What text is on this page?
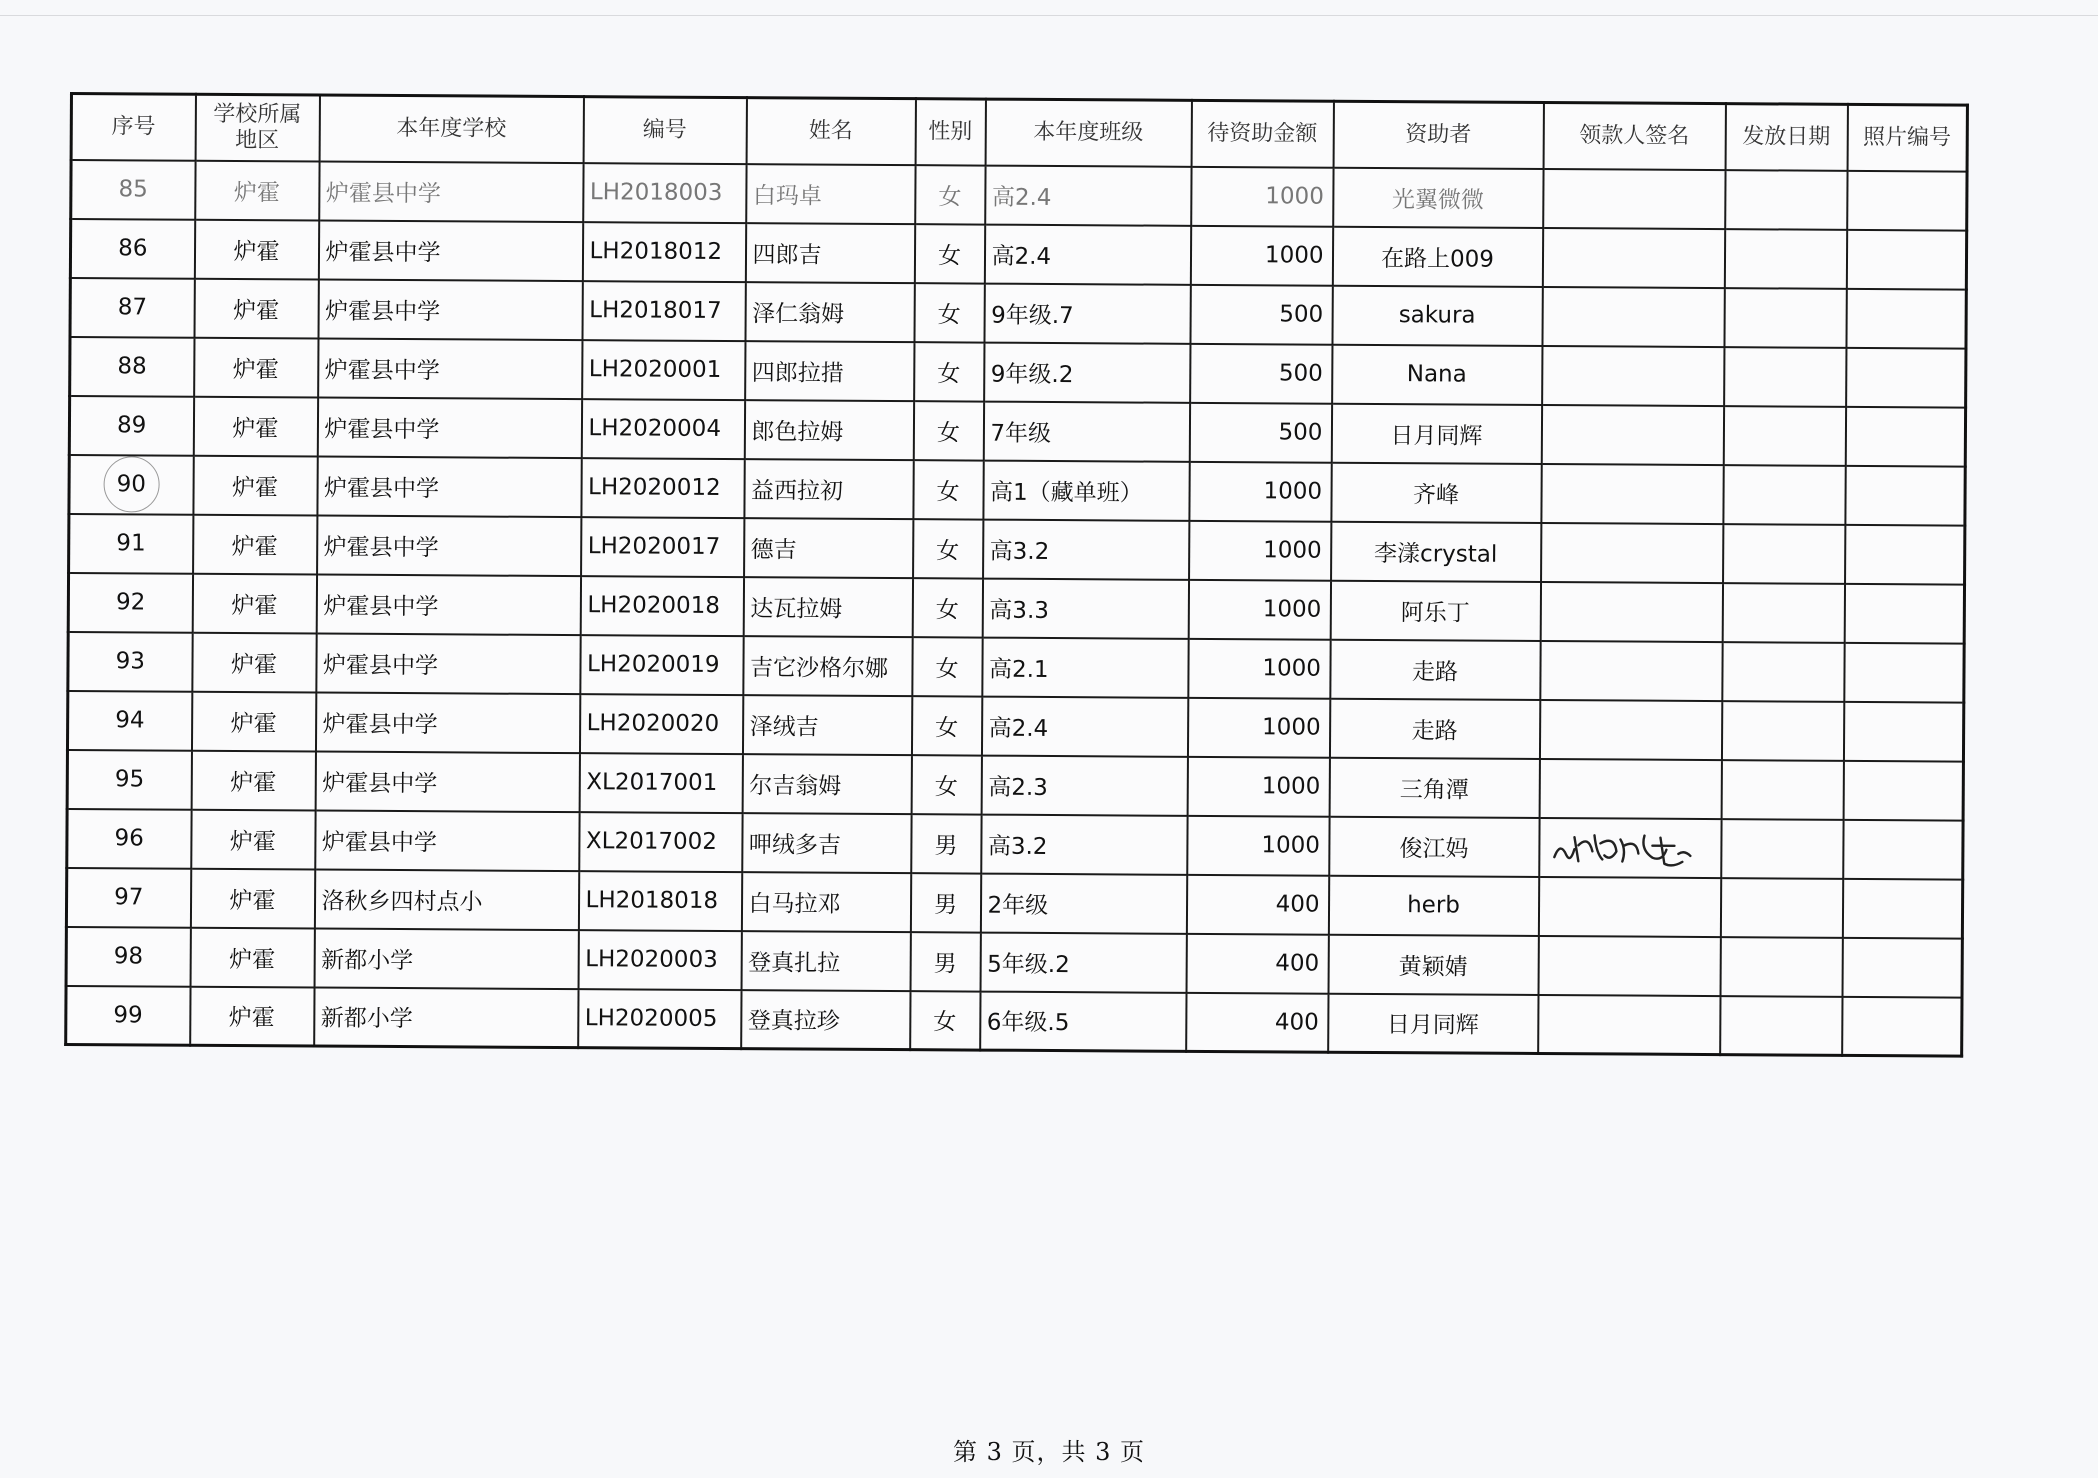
序号	学校所属地区	本年度学校	编号	姓名	性别	本年度班级	待资助金额	资助者	领款人签名	发放日期	照片编号
85	炉霍	炉霍县中学	LH2018003	白玛卓	女	高2.4	1000	光翼微微			
86	炉霍	炉霍县中学	LH2018012	四郎吉	女	高2.4	1000	在路上009			
87	炉霍	炉霍县中学	LH2018017	泽仁翁姆	女	9年级.7	500	sakura			
88	炉霍	炉霍县中学	LH2020001	四郎拉措	女	9年级.2	500	Nana			
89	炉霍	炉霍县中学	LH2020004	郎色拉姆	女	7年级	500	日月同辉			
90	炉霍	炉霍县中学	LH2020012	益西拉初	女	高1（藏单班）	1000	齐峰			
91	炉霍	炉霍县中学	LH2020017	德吉	女	高3.2	1000	李漾crystal			
92	炉霍	炉霍县中学	LH2020018	达瓦拉姆	女	高3.3	1000	阿乐丁			
93	炉霍	炉霍县中学	LH2020019	吉它沙格尔娜	女	高2.1	1000	走路			
94	炉霍	炉霍县中学	LH2020020	泽绒吉	女	高2.4	1000	走路			
95	炉霍	炉霍县中学	XL2017001	尔吉翁姆	女	高2.3	1000	三角潭			
96	炉霍	炉霍县中学	XL2017002	呷绒多吉	男	高3.2	1000	俊江妈	

97	炉霍	洛秋乡四村点小	LH2018018	白马拉邓	男	2年级	400	herb			
98	炉霍	新都小学	LH2020003	登真扎拉	男	5年级.2	400	黄颖婧			
99	炉霍	新都小学	LH2020005	登真拉珍	女	6年级.5	400	日月同辉			
第 3 页，共 3 页
